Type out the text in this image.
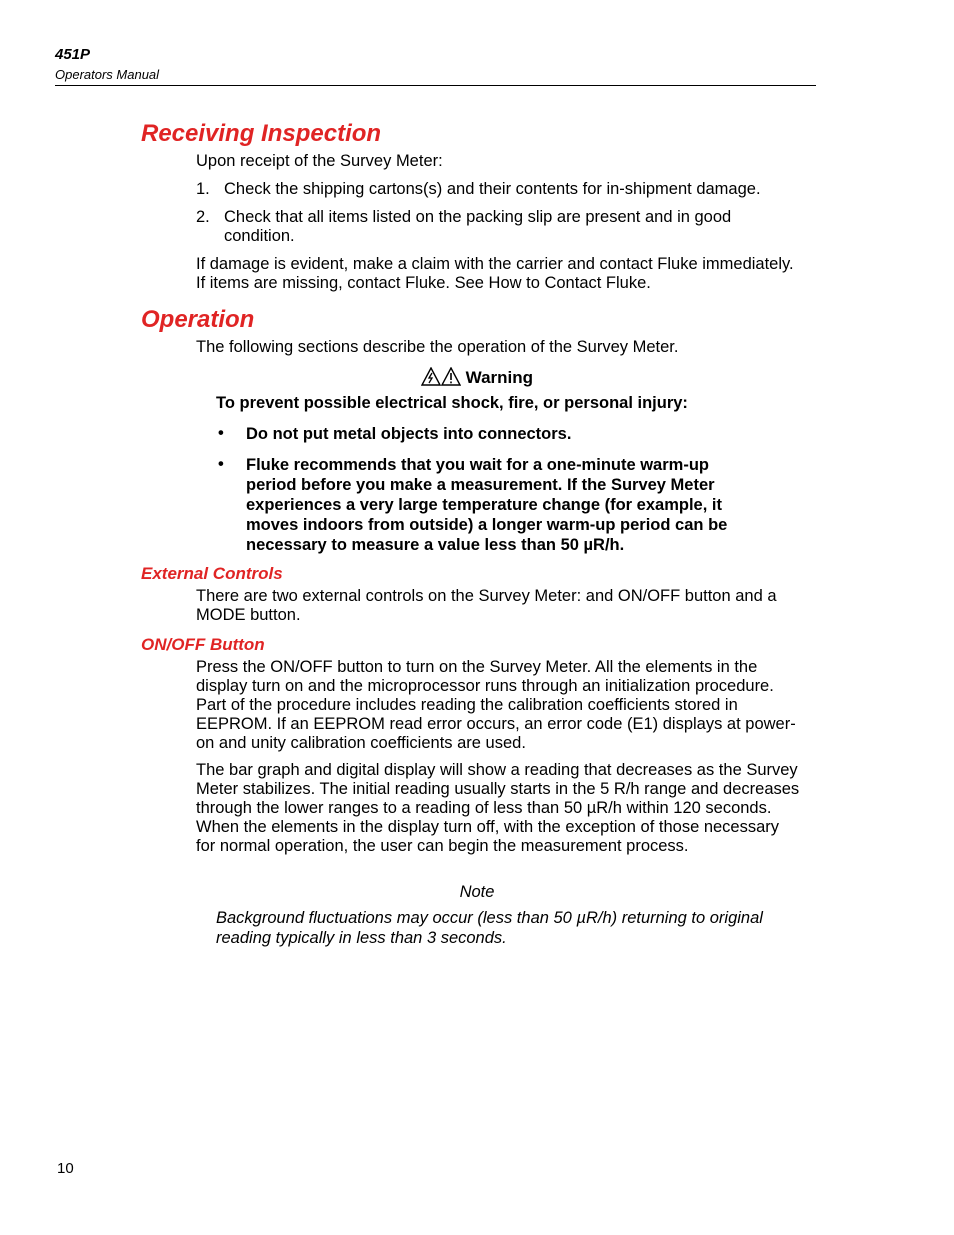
451P
Operators Manual
Receiving Inspection

Upon receipt of the Survey Meter:

1. Check the shipping cartons(s) and their contents for in-shipment damage.
2. Check that all items listed on the packing slip are present and in good condition.

If damage is evident, make a claim with the carrier and contact Fluke immediately. If items are missing, contact Fluke. See How to Contact Fluke.

Operation

The following sections describe the operation of the Survey Meter.

Warning
To prevent possible electrical shock, fire, or personal injury:
• Do not put metal objects into connectors.
• Fluke recommends that you wait for a one-minute warm-up period before you make a measurement. If the Survey Meter experiences a very large temperature change (for example, it moves indoors from outside) a longer warm-up period can be necessary to measure a value less than 50 µR/h.
External Controls

There are two external controls on the Survey Meter: and ON/OFF button and a MODE button.

ON/OFF Button

Press the ON/OFF button to turn on the Survey Meter. All the elements in the display turn on and the microprocessor runs through an initialization procedure. Part of the procedure includes reading the calibration coefficients stored in EEPROM. If an EEPROM read error occurs, an error code (E1) displays at power-on and unity calibration coefficients are used.

The bar graph and digital display will show a reading that decreases as the Survey Meter stabilizes. The initial reading usually starts in the 5 R/h range and decreases through the lower ranges to a reading of less than 50 µR/h within 120 seconds. When the elements in the display turn off, with the exception of those necessary for normal operation, the user can begin the measurement process.

Note
Background fluctuations may occur (less than 50 µR/h) returning to original reading typically in less than 3 seconds.
10
